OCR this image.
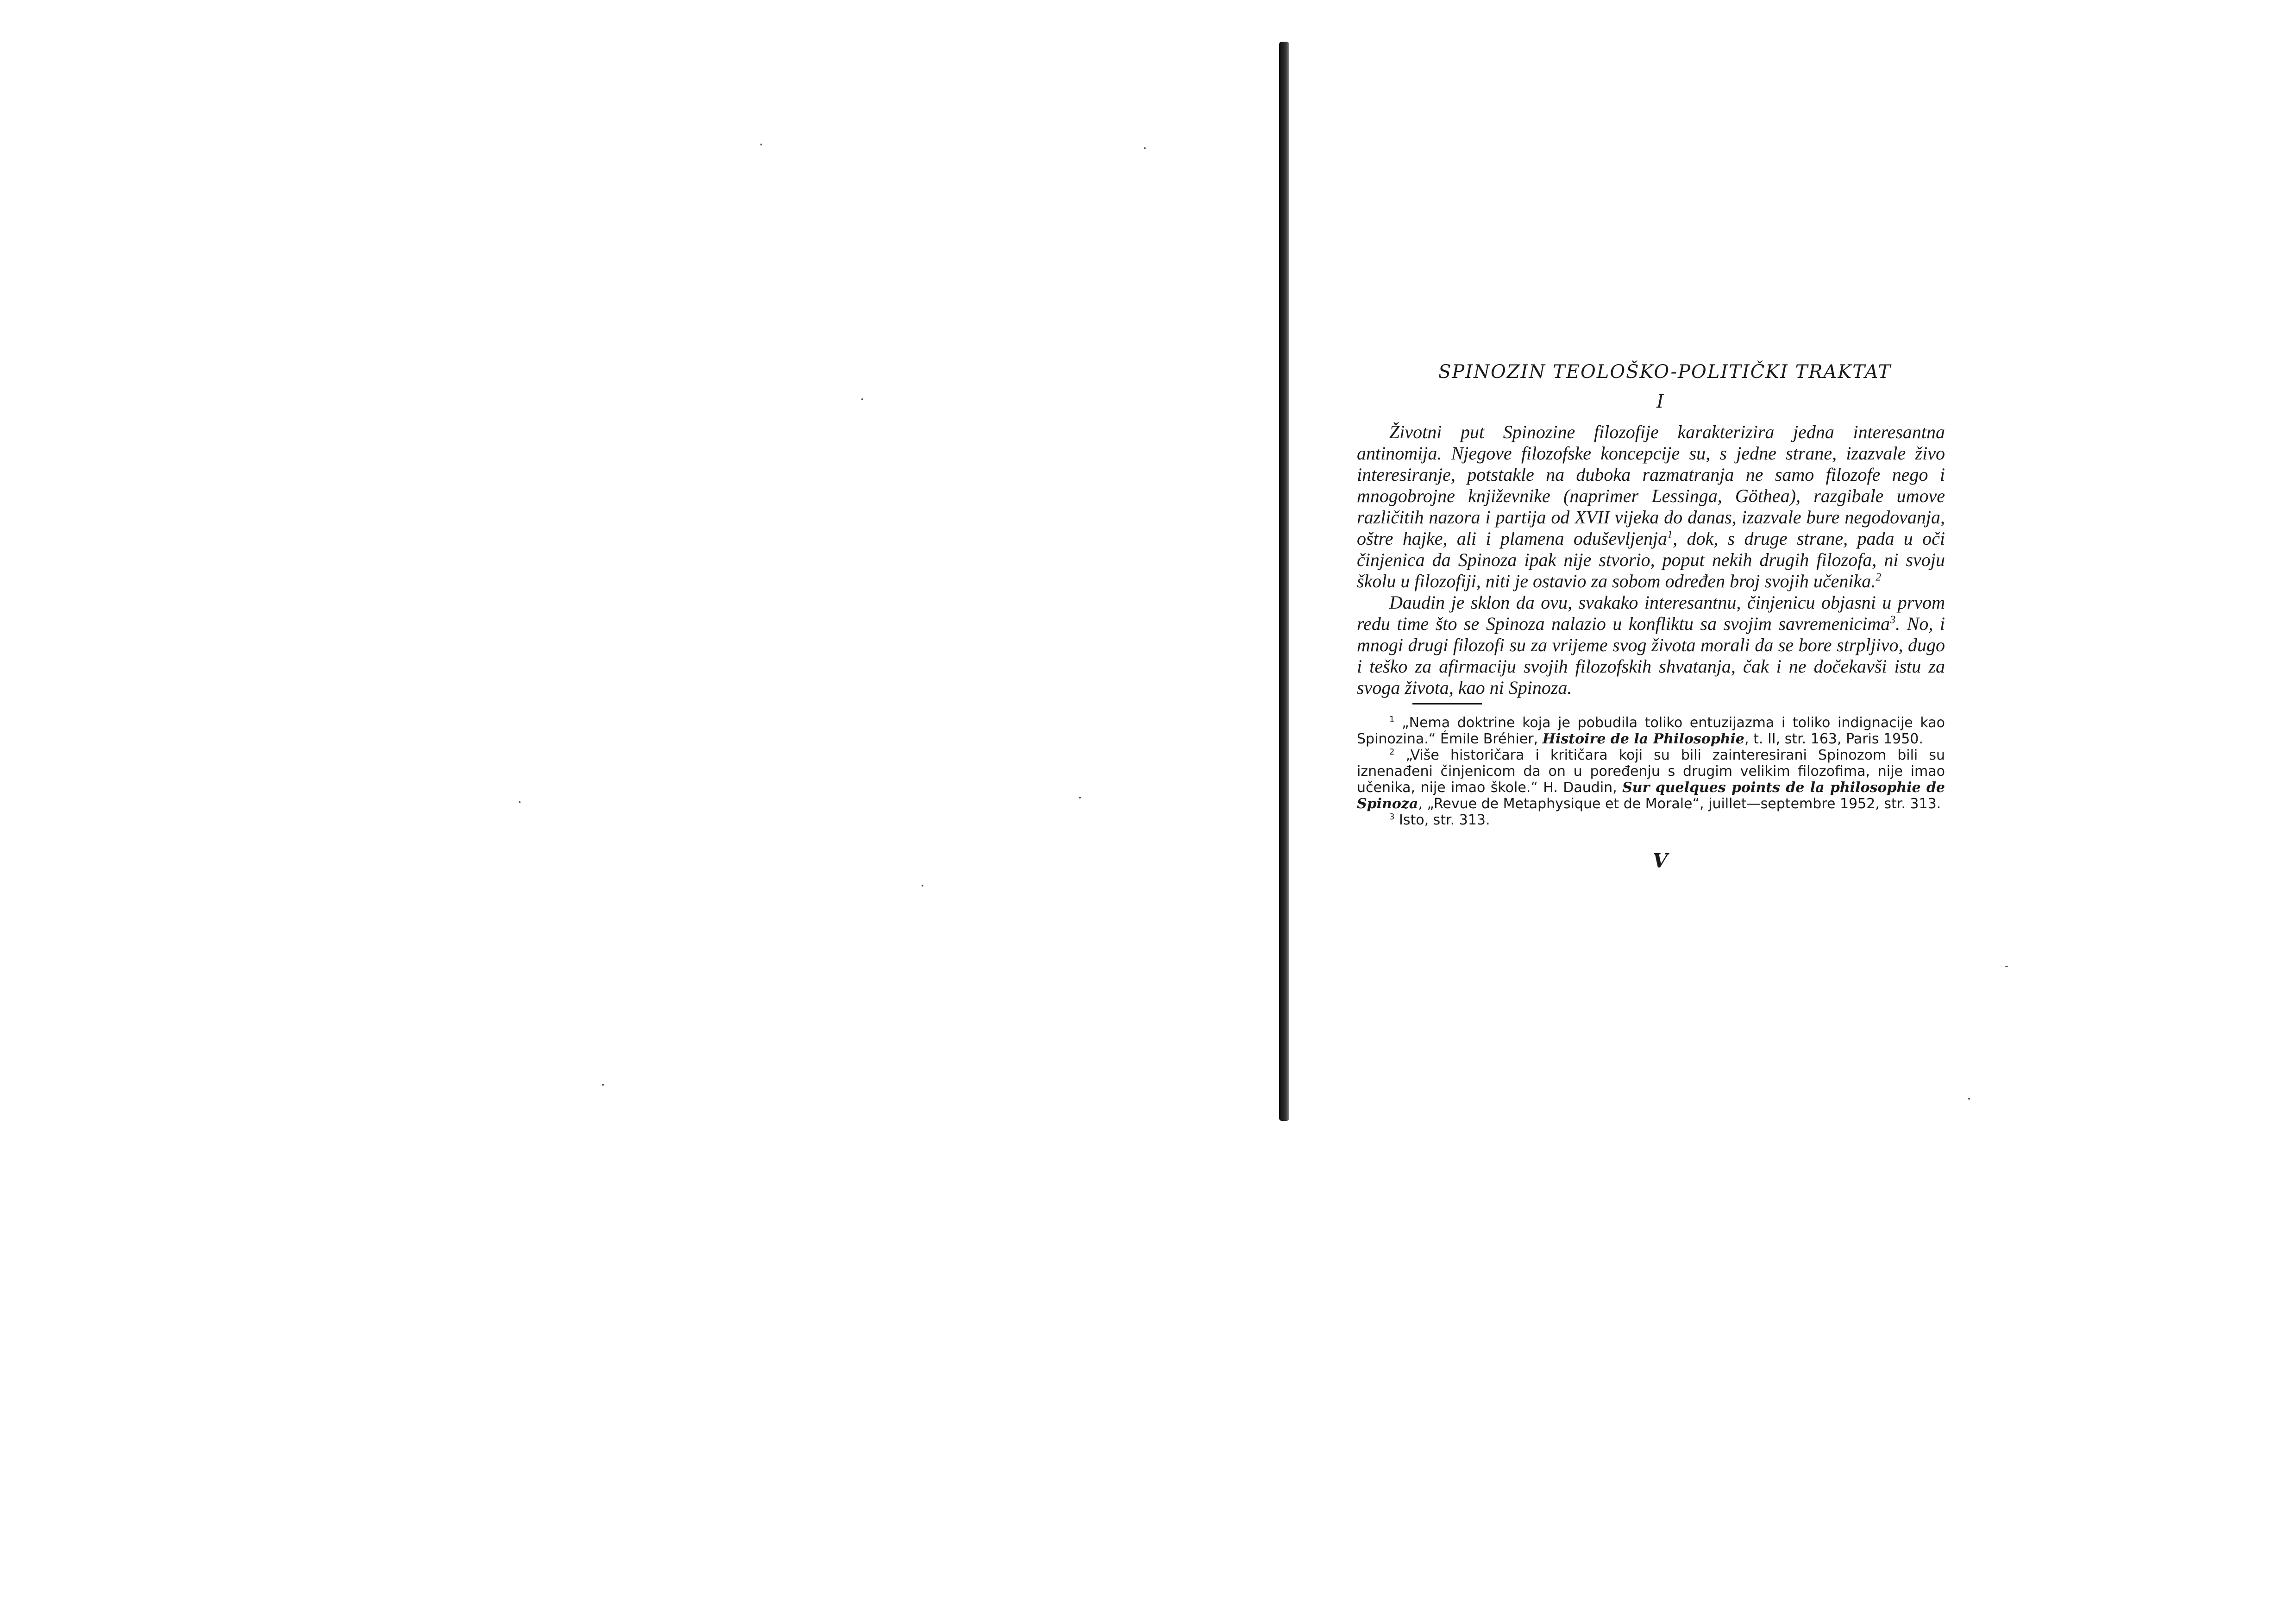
SPINOZIN TEOLOŠKO-POLITIČKI TRAKTAT
I

Životni put Spinozine filozofije karakterizira jedna interesantna antinomija. Njegove filozofske koncepcije su, s jedne strane, izazvale živo interesiranje, potstakle na duboka razmatranja ne samo filozofe nego i mnogobrojne književnike (naprimer Lessinga, Göthea), razgibale umove različitih nazora i partija od XVII vijeka do danas, izazvale bure negodovanja, oštre hajke, ali i plamena oduševljenja$^1$, dok, s druge strane, pada u oči činjenica da Spinoza ipak nije stvorio, poput nekih drugih filozofa, ni svoju školu u filozofiji, niti je ostavio za sobom određen broj svojih učenika.$^2$

Daudin je sklon da ovu, svakako interesantnu, činjenicu objasni u prvom redu time što se Spinoza nalazio u konfliktu sa svojim savremenicima$^3$. No, i mnogi drugi filozofi su za vrijeme svog života morali da se bore strpljivo, dugo i teško za afirmaciju svojih filozofskih shvatanja, čak i ne dočekavši istu za svoga života, kao ni Spinoza.

$^1$ „Nema doktrine koja je pobudila toliko entuzijazma i toliko indignacije kao Spinozina.“ Émile Bréhier, Histoire de la Philosophie, t. II, str. 163, Paris 1950.

$^2$ „Više historičara i kritičara koji su bili zainteresirani Spinozom bili su iznenađeni činjenicom da on u poređenju s drugim velikim filozofima, nije imao učenika, nije imao škole.“ H. Daudin, Sur quelques points de la philosophie de Spinoza, „Revue de Metaphysique et de Morale“, juillet—septembre 1952, str. 313.

$^3$ Isto, str. 313.

V
